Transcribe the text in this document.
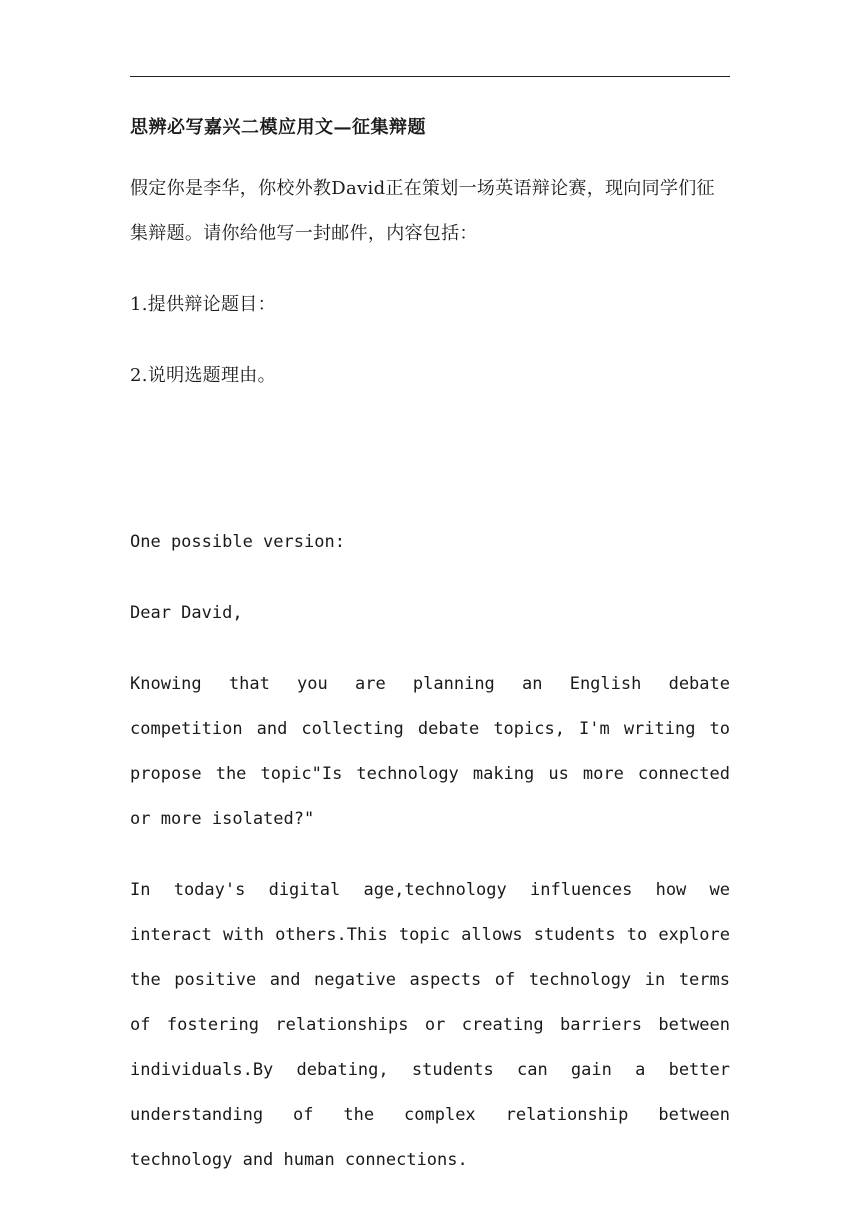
思辨必写嘉兴二模应用文—征集辩题

假定你是李华，你校外教David正在策划一场英语辩论赛，现向同学们征集辩题。请你给他写一封邮件，内容包括：

1.提供辩论题目：

2.说明选题理由。

One possible version:

Dear David,

Knowing that you are planning an English debate competition and collecting debate topics, I'm writing to propose the topic"Is technology making us more connected or more isolated?"

In today's digital age,technology influences how we interact with others.This topic allows students to explore the positive and negative aspects of technology in terms of fostering relationships or creating barriers between individuals.By debating, students can gain a better understanding of the complex relationship between technology and human connections.
